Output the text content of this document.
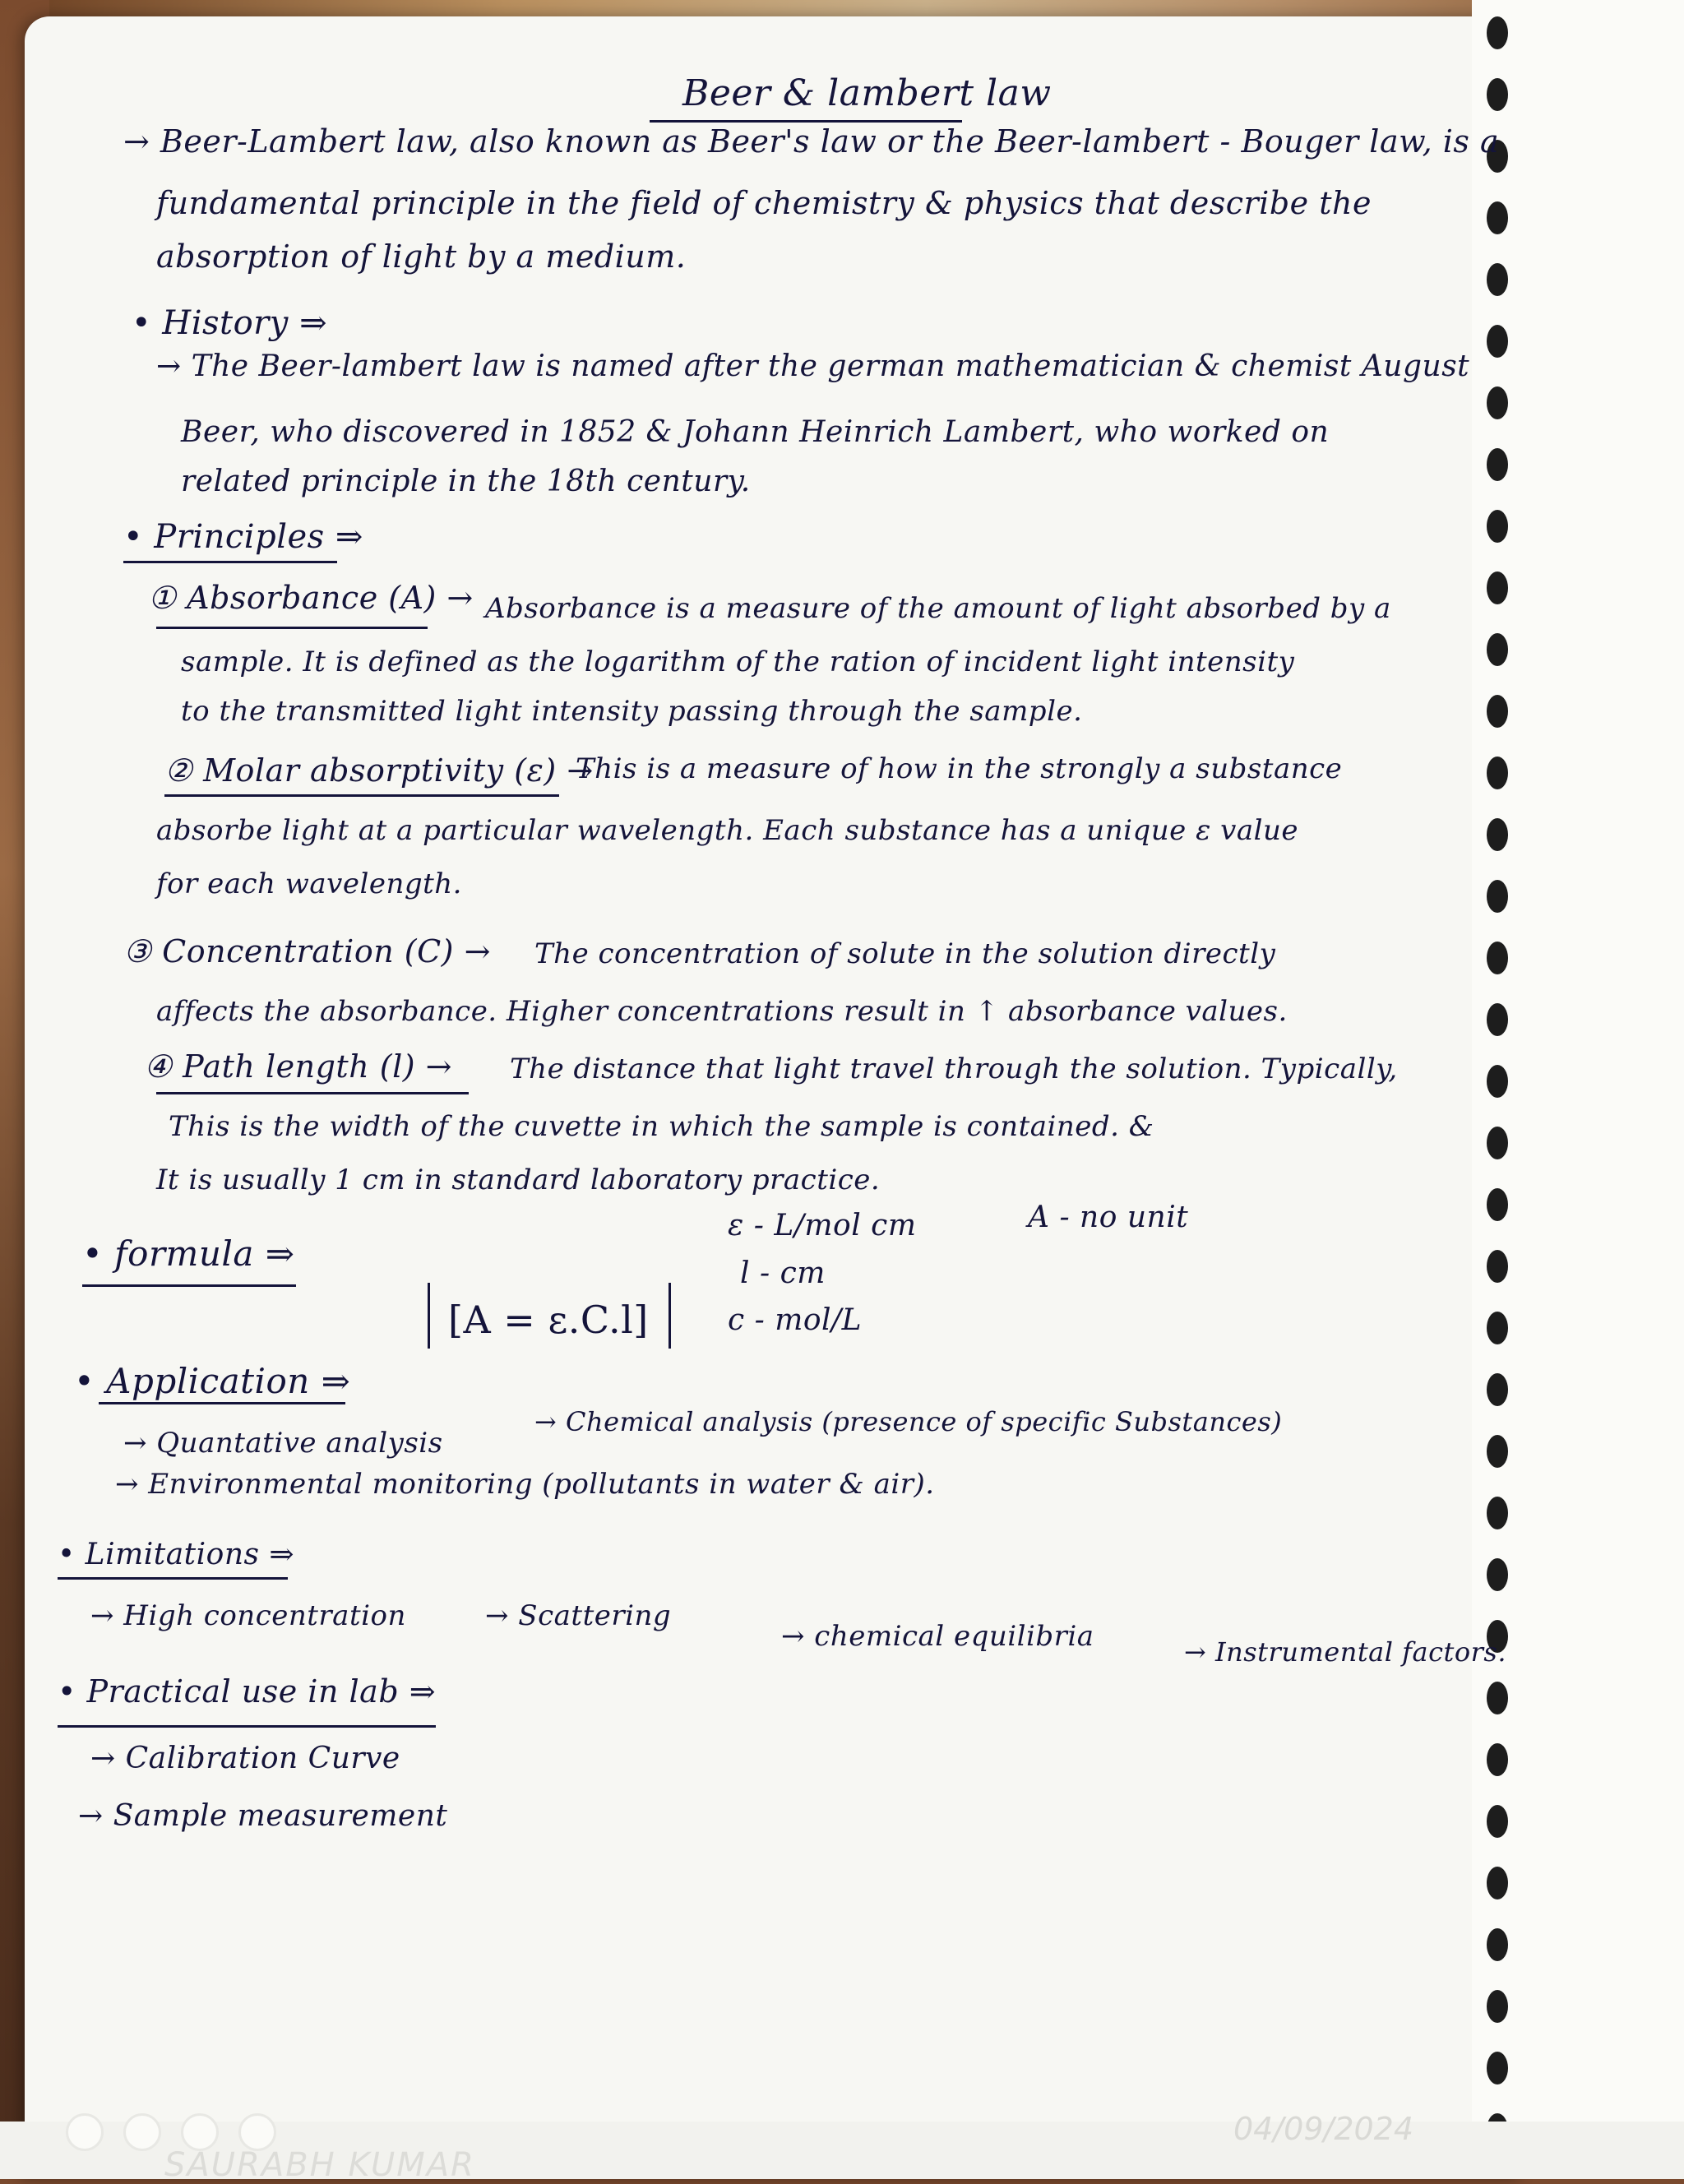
Beer & lambert law
→ Beer-Lambert law, also known as Beer's law or the Beer-lambert - Bouger law, is a
fundamental principle in the field of chemistry & physics that describe the
absorption of light by a medium.
• History ⇒
→ The Beer-lambert law is named after the german mathematician & chemist August
Beer, who discovered in 1852 & Johann Heinrich Lambert, who worked on
related principle in the 18th century.
• Principles ⇒
① Absorbance (A) → Absorbance is a measure of the amount of light absorbed by a
sample. It is defined as the logarithm of the ration of incident light intensity
to the transmitted light intensity passing through the sample.
② Molar absorptivity (ε) →
This is a measure of how in the strongly a substance
absorbe light at a particular wavelength. Each substance has a unique ε value
for each wavelength.
③ Concentration (C) → The concentration of solute in the solution directly
affects the absorbance. Higher concentrations result in ↑ absorbance values.
④ Path length (l) → The distance that light travel through the solution. Typically,
This is the width of the cuvette in which the sample is contained. &
It is usually 1 cm in standard laboratory practice.
• formula ⇒
[A = ε.C.l]
ε - L/mol cm
l - cm
c - mol/L
A - no unit
• Application ⇒
→ Quantative analysis
→ Chemical analysis (presence of specific Substances)
→ Environmental monitoring (pollutants in water & air).
• Limitations ⇒
→ High concentration	→ Scattering
→ chemical equilibria	→ Instrumental factors.
• Practical use in lab ⇒
→ Calibration Curve
→ Sample measurement
04/09/2024
SAURABH KUMAR
